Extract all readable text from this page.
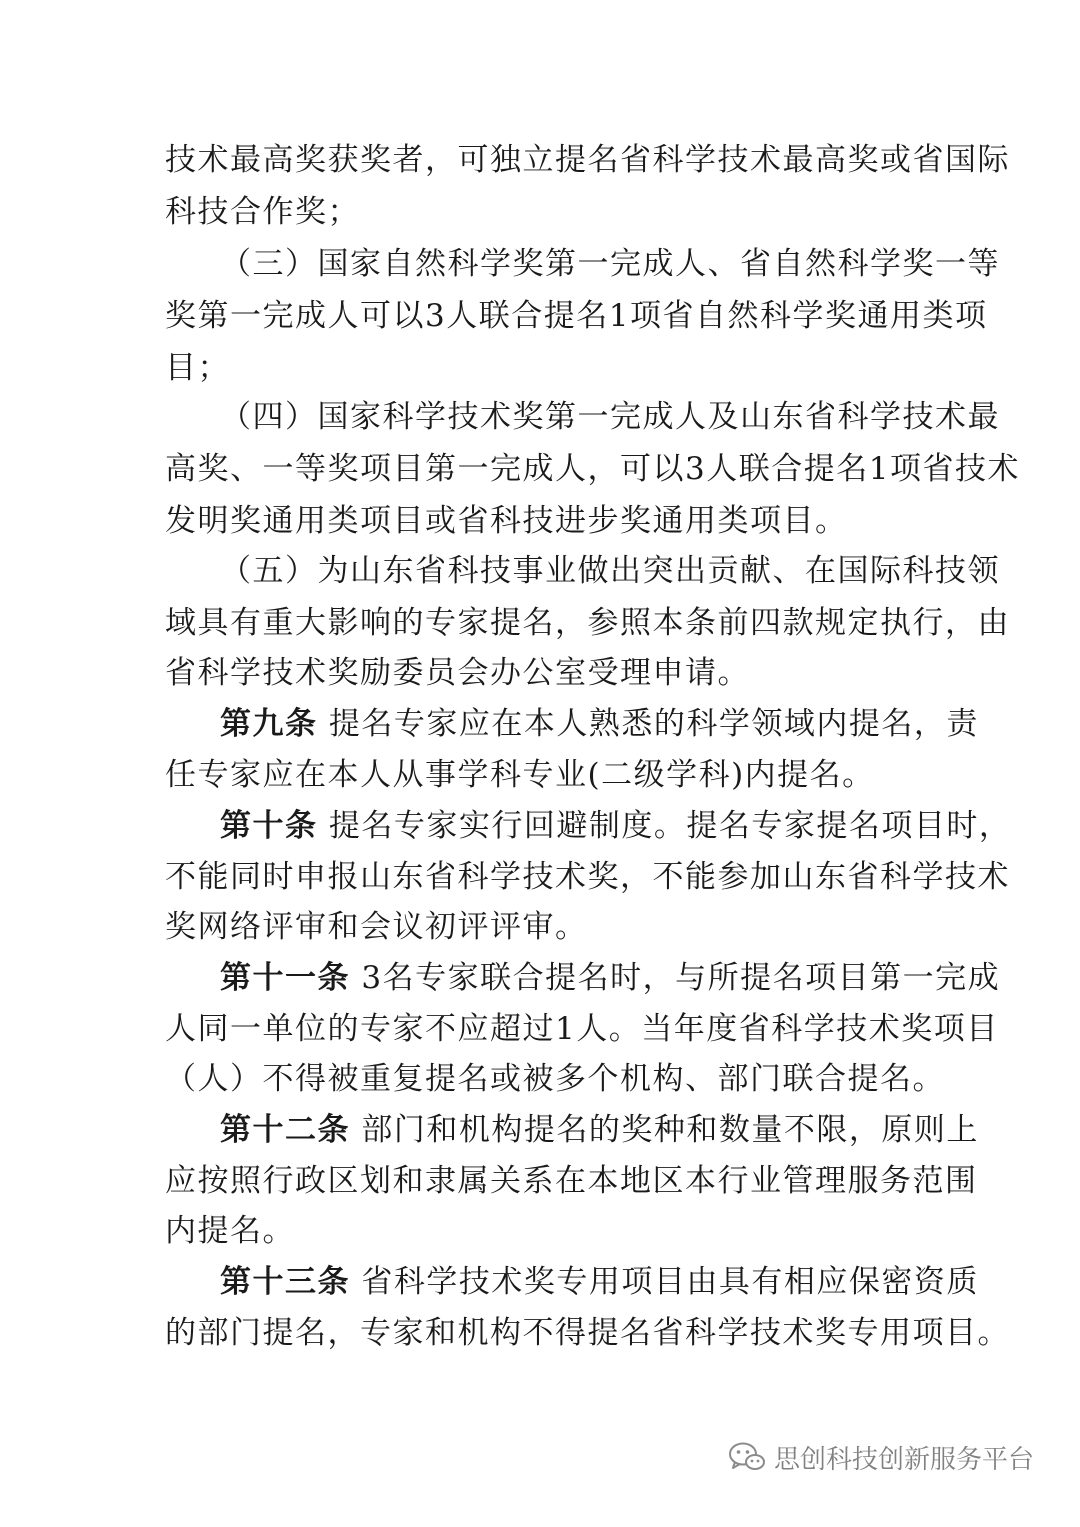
技术最高奖获奖者，可独立提名省科学技术最高奖或省国际
科技合作奖；
（三）国家自然科学奖第一完成人、省自然科学奖一等
奖第一完成人可以3人联合提名1项省自然科学奖通用类项
目；
（四）国家科学技术奖第一完成人及山东省科学技术最
高奖、一等奖项目第一完成人，可以3人联合提名1项省技术
发明奖通用类项目或省科技进步奖通用类项目。
（五）为山东省科技事业做出突出贡献、在国际科技领
域具有重大影响的专家提名，参照本条前四款规定执行，由
省科学技术奖励委员会办公室受理申请。
第九条 提名专家应在本人熟悉的科学领域内提名，责
任专家应在本人从事学科专业(二级学科)内提名。
第十条 提名专家实行回避制度。提名专家提名项目时，
不能同时申报山东省科学技术奖，不能参加山东省科学技术
奖网络评审和会议初评评审。
第十一条 3名专家联合提名时，与所提名项目第一完成
人同一单位的专家不应超过1人。当年度省科学技术奖项目
（人）不得被重复提名或被多个机构、部门联合提名。
第十二条 部门和机构提名的奖种和数量不限，原则上
应按照行政区划和隶属关系在本地区本行业管理服务范围
内提名。
第十三条 省科学技术奖专用项目由具有相应保密资质
的部门提名，专家和机构不得提名省科学技术奖专用项目。
思创科技创新服务平台
